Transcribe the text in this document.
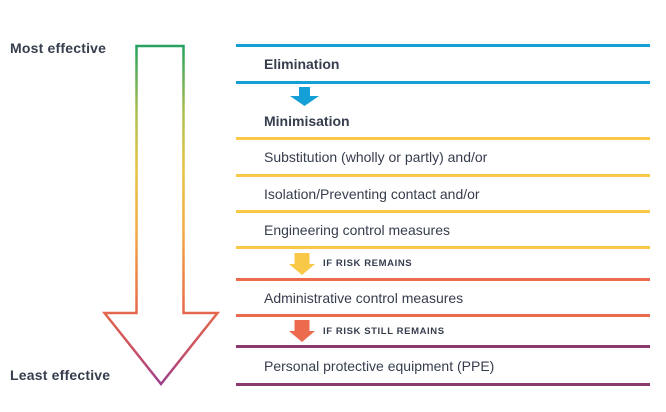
Most effective
Least effective
Elimination
Minimisation
Substitution (wholly or partly) and/or
Isolation/Preventing contact and/or
Engineering control measures
IF RISK REMAINS
Administrative control measures
IF RISK STILL REMAINS
Personal protective equipment (PPE)
